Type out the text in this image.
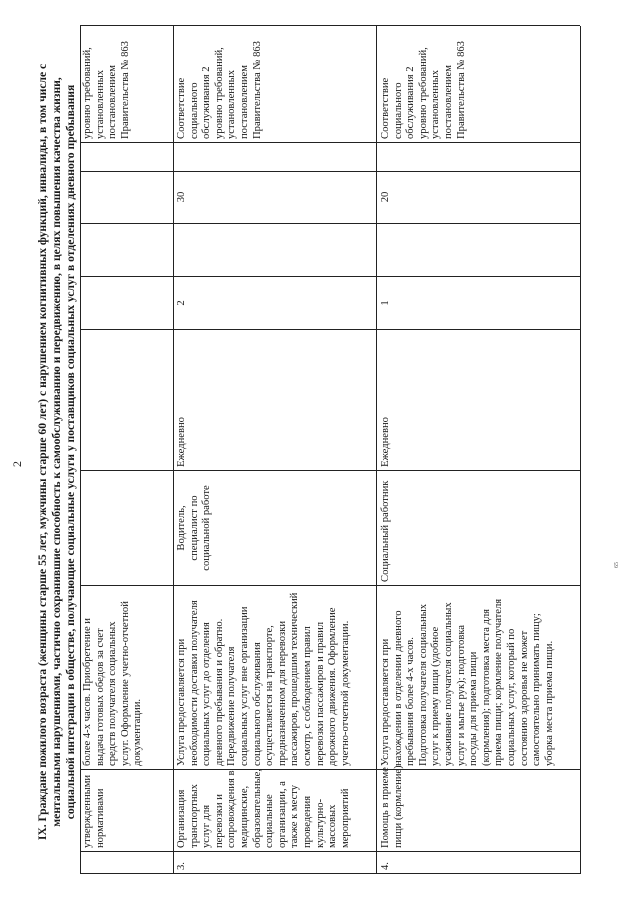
2 IX. Граждане пожилого возраста (женщины старше 55 лет, мужчины старше 60 лет) с нарушением когнитивных функций, инвалиды, в том числе с ментальными нарушениями, частично сохранившие способность к самообслуживанию и передвижению, в целях повышения качества жизни, социальной интеграции в обществе, получающие социальные услуги у поставщиков социальных услуг в отделениях дневного пребывания утвержденными нормативами
более 4-х часов. Приобретение и выдача готовых обедов за счет средств получателя социальных услуг. Оформление учетно-отчетной документации.
уровню требований, установленных постановлением Правительства № 863
3.
Организация транспортных услуг для перевозки и сопровождения в медицинские, образовательные, социальные организации, а также к месту проведения культурно- массовых мероприятий
Услуга предоставляется при необходимости доставки получателя социальных услуг до отделения дневного пребывания и обратно. Передвижение получателя социальных услуг вне организации социального обслуживания осуществляется на транспорте, предназначенном для перевозки пассажиров, прошедшим технический осмотр, с соблюдением правил перевозки пассажиров и правил дорожного движения. Оформление учетно-отчетной документации.
Водитель, специалист по социальной работе
Ежедневно
2
30
Соответствие социального обслуживания 2 уровню требований, установленных постановлением Правительства № 863
4.
Помощь в приеме пищи (кормление)
Услуга предоставляется при нахождении в отделении дневного пребывания более 4-х часов. Подготовка получателя социальных услуг к приему пищи (удобное усаживание получателя социальных услуг и мытье рук); подготовка посуды для приема пищи (кормления); подготовка места для приема пищи; кормление получателя социальных услуг, который по состоянию здоровья не может самостоятельно принимать пищу; уборка места приема пищи.
Социальный работник
Ежедневно
1
20
Соответствие социального обслуживания 2 уровню требований, установленных постановлением Правительства № 863
65
